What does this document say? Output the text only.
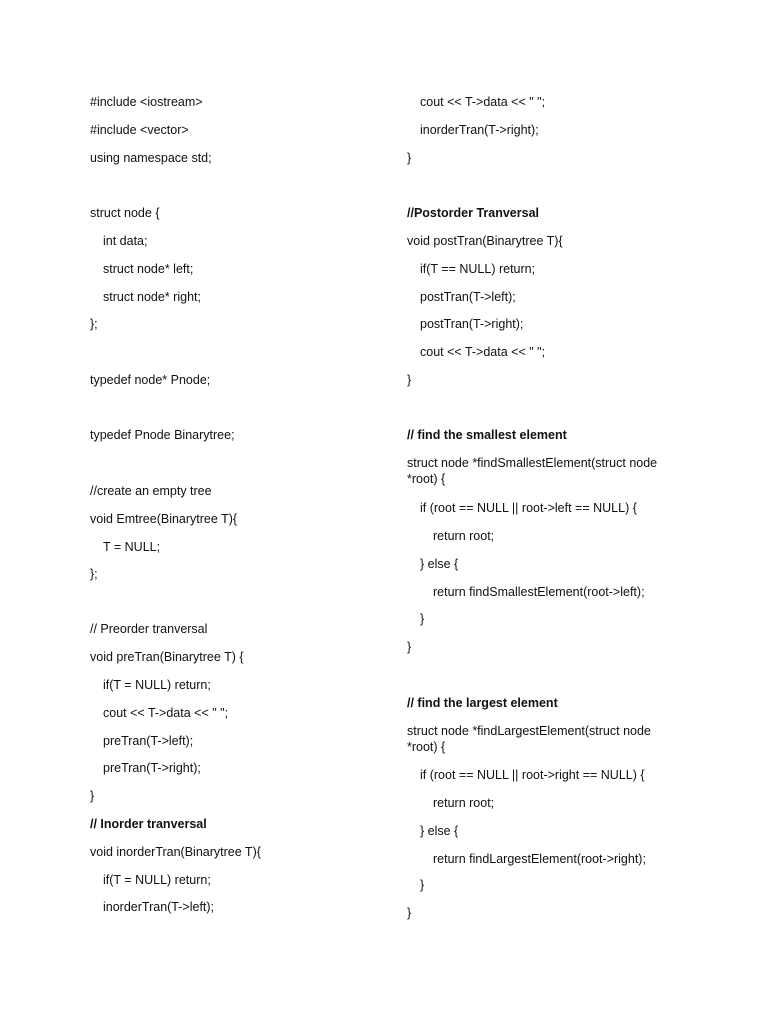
#include <iostream>
#include <vector>
using namespace std;
struct node {
int data;
struct node* left;
struct node* right;
};
typedef node* Pnode;
typedef Pnode Binarytree;
//create an empty tree
void Emtree(Binarytree T){
T = NULL;
};
// Preorder tranversal
void preTran(Binarytree T) {
if(T = NULL) return;
cout << T->data << " ";
preTran(T->left);
preTran(T->right);
}
// Inorder tranversal
void inorderTran(Binarytree T){
if(T = NULL) return;
inorderTran(T->left);
cout << T->data << " ";
inorderTran(T->right);
}
//Postorder Tranversal
void postTran(Binarytree T){
if(T == NULL) return;
postTran(T->left);
postTran(T->right);
cout << T->data << " ";
}
// find the smallest element
struct node *findSmallestElement(struct node *root) {
if (root == NULL || root->left == NULL) {
return root;
} else {
return findSmallestElement(root->left);
}
}
// find the largest element
struct node *findLargestElement(struct node *root) {
if (root == NULL || root->right == NULL) {
return root;
} else {
return findLargestElement(root->right);
}
}
